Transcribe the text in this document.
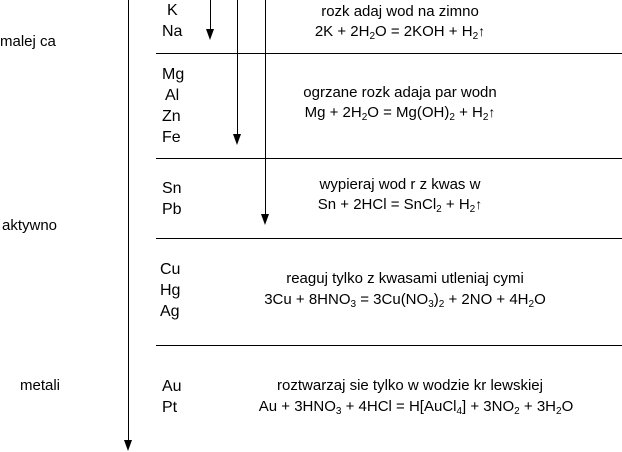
malej ca
aktywno
metali
K
Na
rozk adaj wod na zimno
$2K + 2H_2O = 2KOH$ + $H_2↑$
Mg
Al
Zn
Fe
ogrzane rozk adaja par wodn
$Mg + 2H_2O = Mg(OH)_2$ + $H_2↑$
Sn
Pb
wypieraj wod r z kwas w
Sn + 2HCl = SnCl$_2$ + $H_2↑$
Cu
Hg
Ag
reaguj tylko z kwasami utleniaj cymi
$3Cu + 8HNO_3 = 3Cu(NO_3)_2 + 2NO + 4H_2O$
Au
Pt
roztwarzaj sie tylko w wodzie kr lewskiej
$Au + 3HNO_3 + 4HCl$ = H[AuCl$_4$] + $3NO_2 + 3H_2O$
